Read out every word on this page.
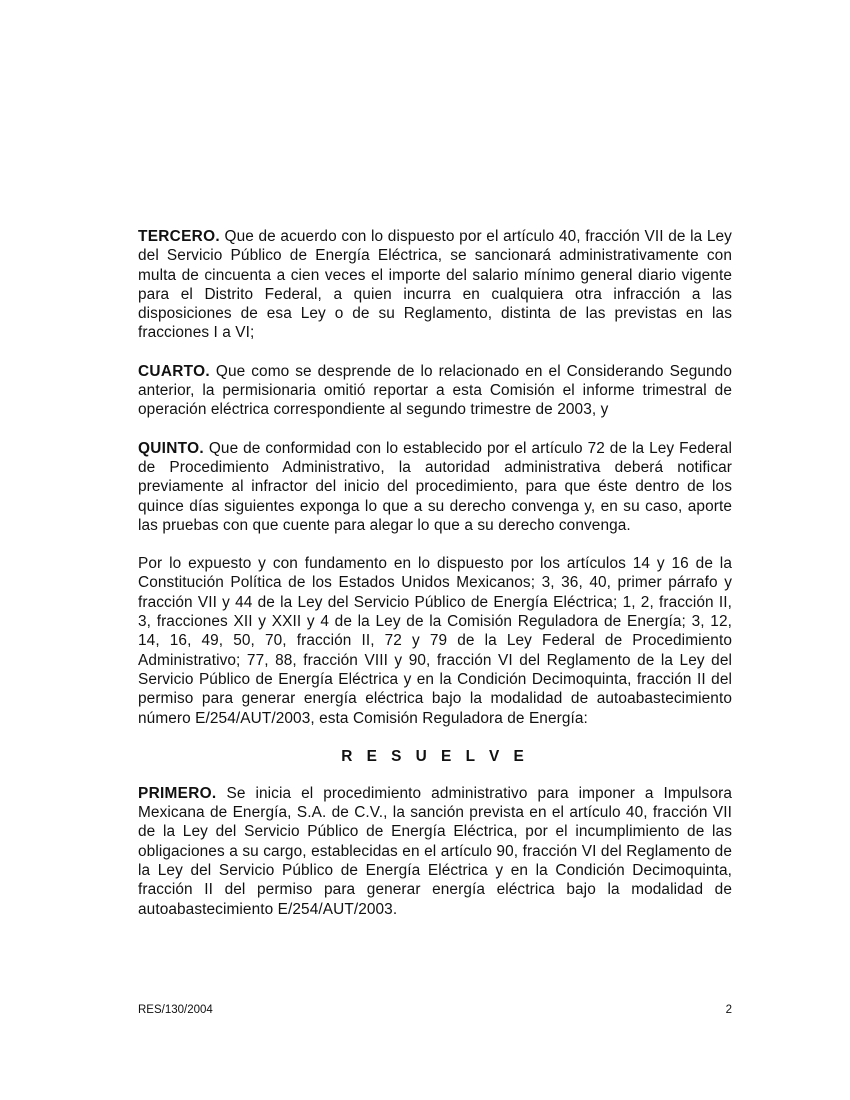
TERCERO. Que de acuerdo con lo dispuesto por el artículo 40, fracción VII de la Ley del Servicio Público de Energía Eléctrica, se sancionará administrativamente con multa de cincuenta a cien veces el importe del salario mínimo general diario vigente para el Distrito Federal, a quien incurra en cualquiera otra infracción a las disposiciones de esa Ley o de su Reglamento, distinta de las previstas en las fracciones I a VI;

CUARTO. Que como se desprende de lo relacionado en el Considerando Segundo anterior, la permisionaria omitió reportar a esta Comisión el informe trimestral de operación eléctrica correspondiente al segundo trimestre de 2003, y

QUINTO. Que de conformidad con lo establecido por el artículo 72 de la Ley Federal de Procedimiento Administrativo, la autoridad administrativa deberá notificar previamente al infractor del inicio del procedimiento, para que éste dentro de los quince días siguientes exponga lo que a su derecho convenga y, en su caso, aporte las pruebas con que cuente para alegar lo que a su derecho convenga.

Por lo expuesto y con fundamento en lo dispuesto por los artículos 14 y 16 de la Constitución Política de los Estados Unidos Mexicanos; 3, 36, 40, primer párrafo y fracción VII y 44 de la Ley del Servicio Público de Energía Eléctrica; 1, 2, fracción II, 3, fracciones XII y XXII y 4 de la Ley de la Comisión Reguladora de Energía; 3, 12, 14, 16, 49, 50, 70, fracción II, 72 y 79 de la Ley Federal de Procedimiento Administrativo; 77, 88, fracción VIII y 90, fracción VI del Reglamento de la Ley del Servicio Público de Energía Eléctrica y en la Condición Decimoquinta, fracción II del permiso para generar energía eléctrica bajo la modalidad de autoabastecimiento número E/254/AUT/2003, esta Comisión Reguladora de Energía:

R E S U E L V E

PRIMERO. Se inicia el procedimiento administrativo para imponer a Impulsora Mexicana de Energía, S.A. de C.V., la sanción prevista en el artículo 40, fracción VII de la Ley del Servicio Público de Energía Eléctrica, por el incumplimiento de las obligaciones a su cargo, establecidas en el artículo 90, fracción VI del Reglamento de la Ley del Servicio Público de Energía Eléctrica y en la Condición Decimoquinta, fracción II del permiso para generar energía eléctrica bajo la modalidad de autoabastecimiento E/254/AUT/2003.

RES/130/2004	2
